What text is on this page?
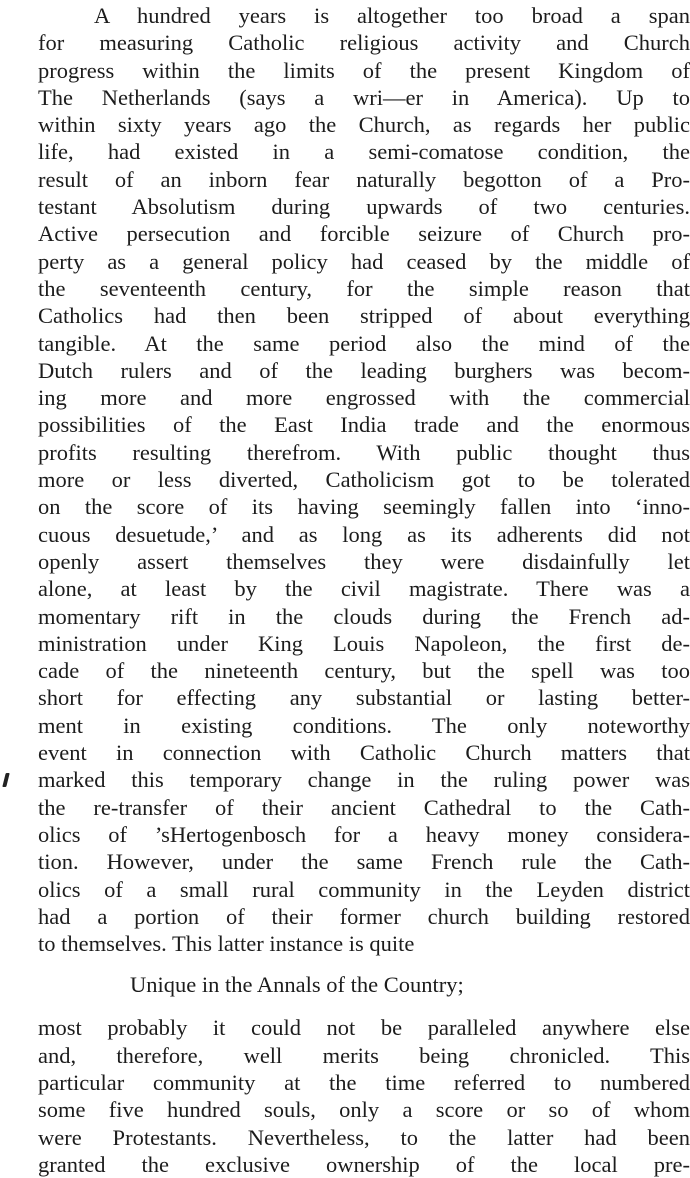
A hundred years is altogether too broad a span
for measuring Catholic religious activity and Church
progress within the limits of the present Kingdom of
The Netherlands (says a wri—er in America). Up to
within sixty years ago the Church, as regards her public
life, had existed in a semi-comatose condition, the
result of an inborn fear naturally begotton of a Pro-
testant Absolutism during upwards of two centuries.
Active persecution and forcible seizure of Church pro-
perty as a general policy had ceased by the middle of
the seventeenth century, for the simple reason that
Catholics had then been stripped of about everything
tangible. At the same period also the mind of the
Dutch rulers and of the leading burghers was becom-
ing more and more engrossed with the commercial
possibilities of the East India trade and the enormous
profits resulting therefrom. With public thought thus
more or less diverted, Catholicism got to be tolerated
on the score of its having seemingly fallen into ‘inno-
cuous desuetude,’ and as long as its adherents did not
openly assert themselves they were disdainfully let
alone, at least by the civil magistrate. There was a
momentary rift in the clouds during the French ad-
ministration under King Louis Napoleon, the first de-
cade of the nineteenth century, but the spell was too
short for effecting any substantial or lasting better-
ment in existing conditions. The only noteworthy
event in connection with Catholic Church matters that
marked this temporary change in the ruling power was
the re-transfer of their ancient Cathedral to the Cath-
olics of ’sHertogenbosch for a heavy money considera-
tion. However, under the same French rule the Cath-
olics of a small rural community in the Leyden district
had a portion of their former church building restored
to themselves. This latter instance is quite
Unique in the Annals of the Country;
most probably it could not be paralleled anywhere else
and, therefore, well merits being chronicled. This
particular community at the time referred to numbered
some five hundred souls, only a score or so of whom
were Protestants. Nevertheless, to the latter had been
granted the exclusive ownership of the local pre-
